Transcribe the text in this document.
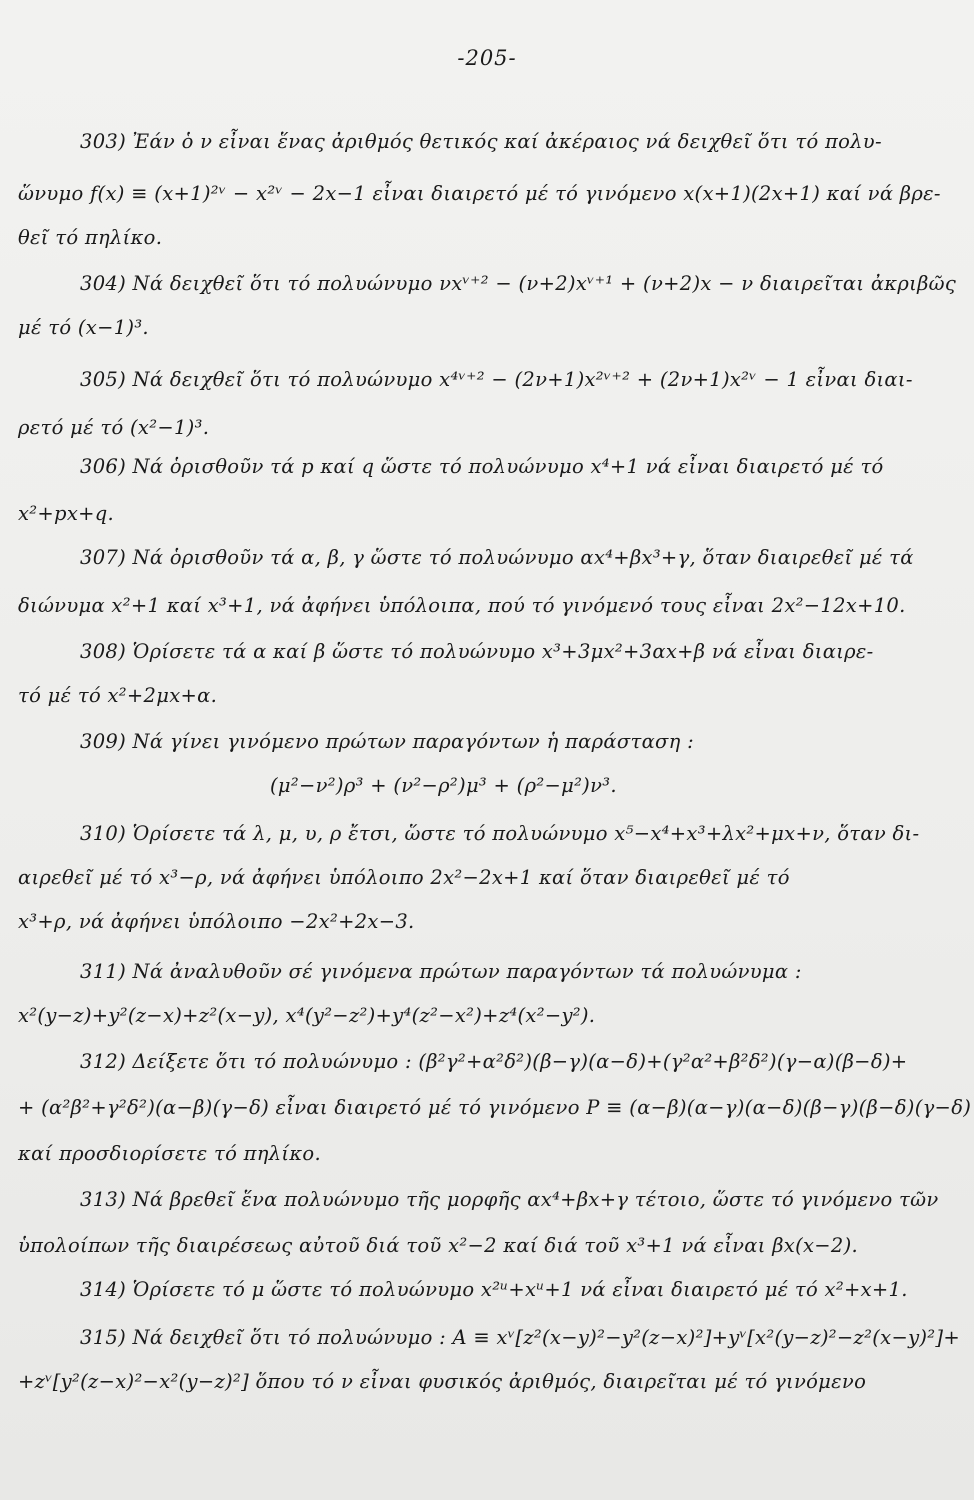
-205-
303) Ἐάν ὁ ν εἶναι ἕνας ἀριθμός θετικός καί ἀκέραιος νά δειχθεῖ ὅτι τό πολυ-
ὥνυμο f(x) ≡ (x+1)²ᵛ − x²ᵛ − 2x−1 εἶναι διαιρετό μέ τό γινόμενο x(x+1)(2x+1) καί νά βρε-
θεῖ τό πηλίκο.
304) Νά δειχθεῖ ὅτι τό πολυώνυμο νxᵛ⁺² − (ν+2)xᵛ⁺¹ + (ν+2)x − ν διαιρεῖται ἀκριβῶς
μέ τό (x−1)³.
305) Νά δειχθεῖ ὅτι τό πολυώνυμο x⁴ᵛ⁺² − (2ν+1)x²ᵛ⁺² + (2ν+1)x²ᵛ − 1 εἶναι διαι-
ρετό μέ τό (x²−1)³.
306) Νά ὁρισθοῦν τά p καί q ὥστε τό πολυώνυμο x⁴+1 νά εἶναι διαιρετό μέ τό
x²+px+q.
307) Νά ὁρισθοῦν τά α, β, γ ὥστε τό πολυώνυμο αx⁴+βx³+γ, ὅταν διαιρεθεῖ μέ τά
διώνυμα x²+1 καί x³+1, νά ἀφήνει ὑπόλοιπα, πού τό γινόμενό τους εἶναι 2x²−12x+10.
308) Ὁρίσετε τά α καί β ὥστε τό πολυώνυμο x³+3μx²+3αx+β νά εἶναι διαιρε-
τό μέ τό x²+2μx+α.
309) Νά γίνει γινόμενο πρώτων παραγόντων ἡ παράσταση :
(μ²−ν²)ρ³ + (ν²−ρ²)μ³ + (ρ²−μ²)ν³.
310) Ὁρίσετε τά λ, μ, υ, ρ ἔτσι, ὥστε τό πολυώνυμο x⁵−x⁴+x³+λx²+μx+ν, ὅταν δι-
αιρεθεῖ μέ τό x³−ρ, νά ἀφήνει ὑπόλοιπο 2x²−2x+1 καί ὅταν διαιρεθεῖ μέ τό
x³+ρ, νά ἀφήνει ὑπόλοιπο −2x²+2x−3.
311) Νά ἀναλυθοῦν σέ γινόμενα πρώτων παραγόντων τά πολυώνυμα :
x²(y−z)+y²(z−x)+z²(x−y), x⁴(y²−z²)+y⁴(z²−x²)+z⁴(x²−y²).
312) Δείξετε ὅτι τό πολυώνυμο : (β²γ²+α²δ²)(β−γ)(α−δ)+(γ²α²+β²δ²)(γ−α)(β−δ)+
+ (α²β²+γ²δ²)(α−β)(γ−δ) εἶναι διαιρετό μέ τό γινόμενο P ≡ (α−β)(α−γ)(α−δ)(β−γ)(β−δ)(γ−δ)
καί προσδιορίσετε τό πηλίκο.
313) Νά βρεθεῖ ἕνα πολυώνυμο τῆς μορφῆς αx⁴+βx+γ τέτοιο, ὥστε τό γινόμενο τῶν
ὑπολοίπων τῆς διαιρέσεως αὐτοῦ διά τοῦ x²−2 καί διά τοῦ x³+1 νά εἶναι βx(x−2).
314) Ὁρίσετε τό μ ὥστε τό πολυώνυμο x²ᵘ+xᵘ+1 νά εἶναι διαιρετό μέ τό x²+x+1.
315) Νά δειχθεῖ ὅτι τό πολυώνυμο : A ≡ xᵛ[z²(x−y)²−y²(z−x)²]+yᵛ[x²(y−z)²−z²(x−y)²]+
+zᵛ[y²(z−x)²−x²(y−z)²] ὅπου τό ν εἶναι φυσικός ἀριθμός, διαιρεῖται μέ τό γινόμενο
